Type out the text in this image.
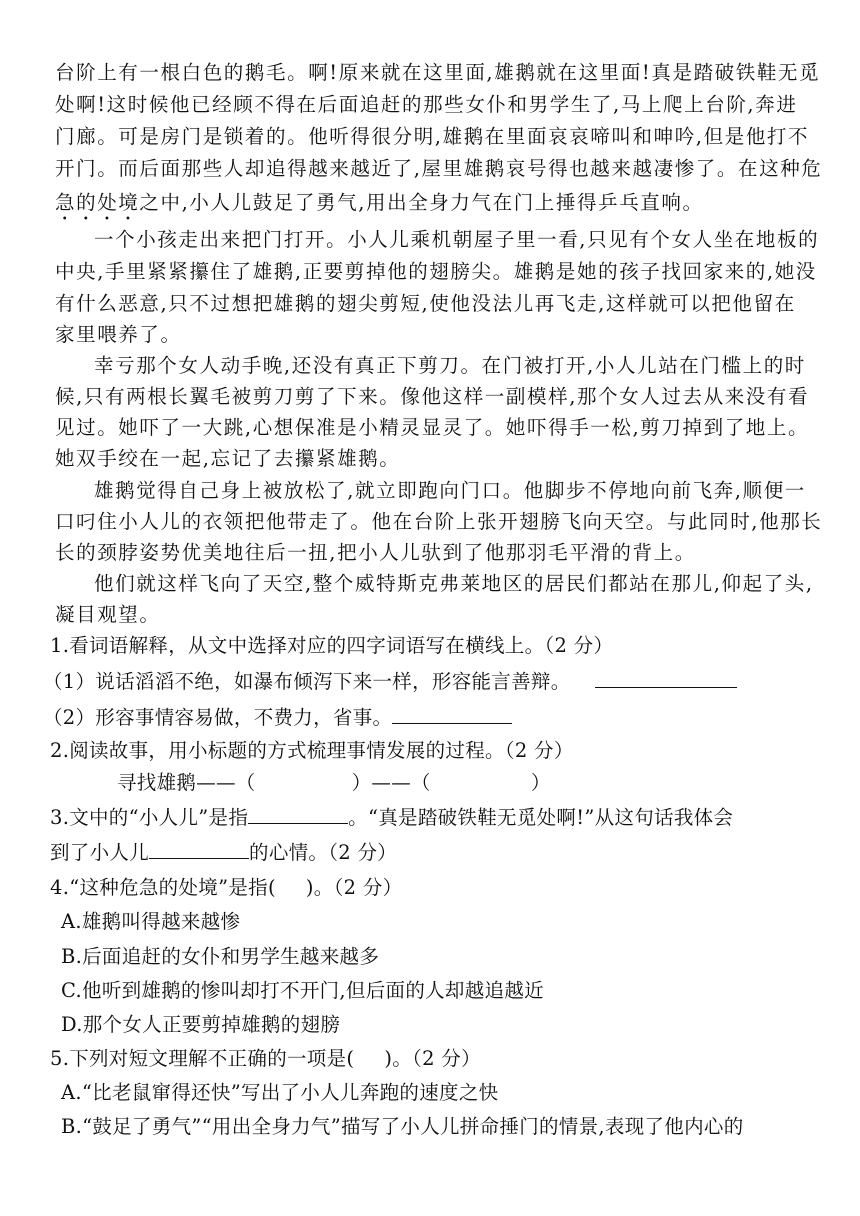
台阶上有一根白色的鹅毛。啊!原来就在这里面,雄鹅就在这里面!真是踏破铁鞋无觅
处啊!这时候他已经顾不得在后面追赶的那些女仆和男学生了,马上爬上台阶,奔进
门廊。可是房门是锁着的。他听得很分明,雄鹅在里面哀哀啼叫和呻吟,但是他打不
开门。而后面那些人却追得越来越近了,屋里雄鹅哀号得也越来越凄惨了。在这种危
急的处境之中,小人儿鼓足了勇气,用出全身力气在门上捶得乒乓直响。
一个小孩走出来把门打开。小人儿乘机朝屋子里一看,只见有个女人坐在地板的
中央,手里紧紧攥住了雄鹅,正要剪掉他的翅膀尖。雄鹅是她的孩子找回家来的,她没
有什么恶意,只不过想把雄鹅的翅尖剪短,使他没法儿再飞走,这样就可以把他留在
家里喂养了。
幸亏那个女人动手晚,还没有真正下剪刀。在门被打开,小人儿站在门槛上的时
候,只有两根长翼毛被剪刀剪了下来。像他这样一副模样,那个女人过去从来没有看
见过。她吓了一大跳,心想保准是小精灵显灵了。她吓得手一松,剪刀掉到了地上。
她双手绞在一起,忘记了去攥紧雄鹅。
雄鹅觉得自己身上被放松了,就立即跑向门口。他脚步不停地向前飞奔,顺便一
口叼住小人儿的衣领把他带走了。他在台阶上张开翅膀飞向天空。与此同时,他那长
长的颈脖姿势优美地往后一扭,把小人儿驮到了他那羽毛平滑的背上。
他们就这样飞向了天空,整个威特斯克弗莱地区的居民们都站在那儿,仰起了头,
凝目观望。
1.看词语解释，从文中选择对应的四字词语写在横线上。（2 分）
（1）说话滔滔不绝，如瀑布倾泻下来一样，形容能言善辩。
（2）形容事情容易做，不费力，省事。
2.阅读故事，用小标题的方式梳理事情发展的过程。（2 分）
寻找雄鹅——（	）——（	）
3.文中的“小人儿”是指	。“真是踏破铁鞋无觅处啊!”从这句话我体会
到了小人儿	的心情。（2 分）
4.“这种危急的处境”是指( )。（2 分）
A.雄鹅叫得越来越惨
B.后面追赶的女仆和男学生越来越多
C.他听到雄鹅的惨叫却打不开门,但后面的人却越追越近
D.那个女人正要剪掉雄鹅的翅膀
5.下列对短文理解不正确的一项是( )。（2 分）
A.“比老鼠窜得还快”写出了小人儿奔跑的速度之快
B.“鼓足了勇气”“用出全身力气”描写了小人儿拼命捶门的情景,表现了他内心的
